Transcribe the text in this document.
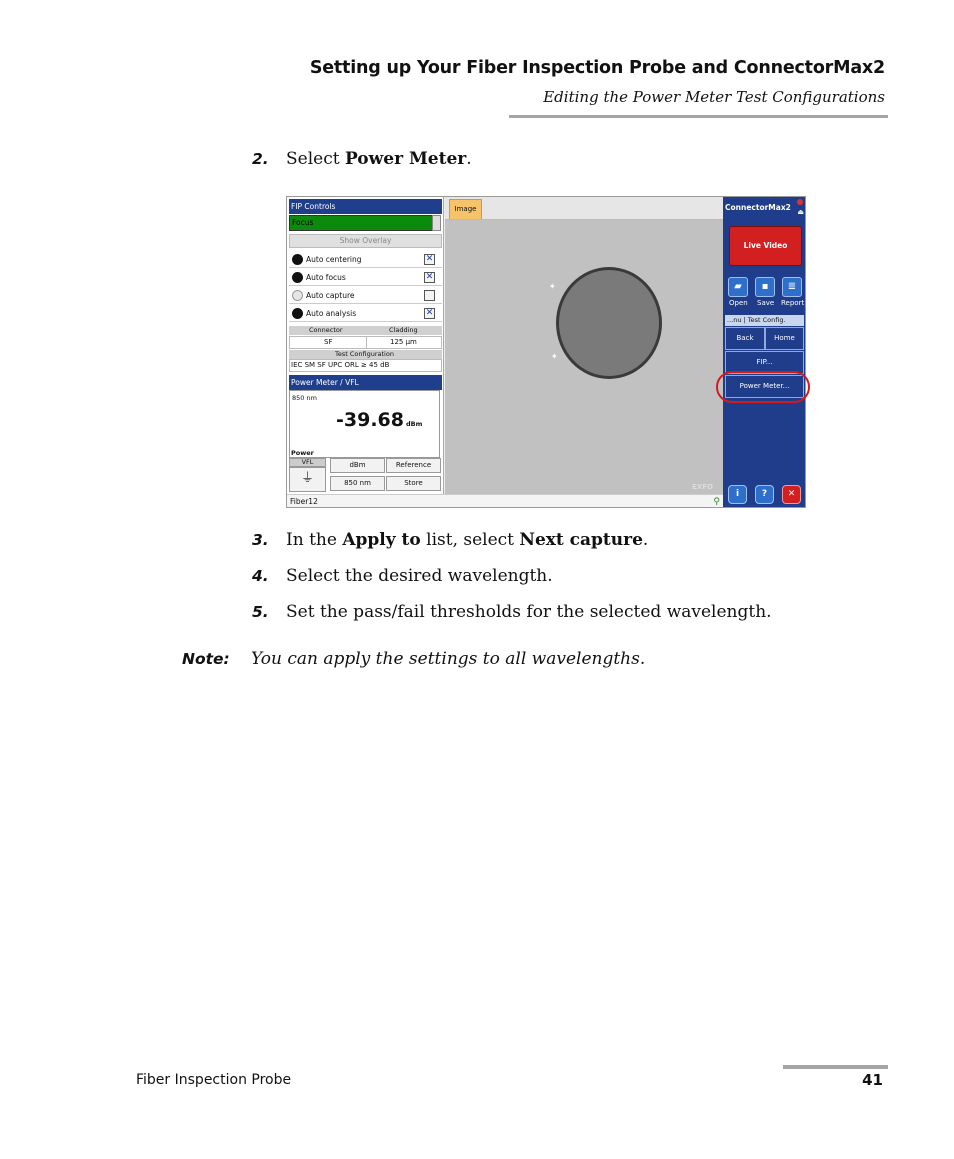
Setting up Your Fiber Inspection Probe and ConnectorMax2
Editing the Power Meter Test Configurations
2. Select Power Meter.
FIP Controls
Focus
Show Overlay
Auto centering	✕
Auto focus	✕
Auto capture
Auto analysis	✕
Connector	Cladding
SF	125 µm
Test Configuration
IEC SM SF UPC ORL ≥ 45 dB
Power Meter / VFL
850 nm
-39.68 dBm
Power
VFL
⏚
dBm	Reference
850 nm	Store
Image
✦
✦
EXFO
Fiber12	⚲
ConnectorMax2 ⏏
Live Video
▰	▪	≣
Open Save Report
...nu | Test Config.
Back	Home
FIP...
Power Meter...
i	?	✕
3. In the Apply to list, select Next capture.
4. Select the desired wavelength.
5. Set the pass/fail thresholds for the selected wavelength.
Note: You can apply the settings to all wavelengths.
Fiber Inspection Probe	41
